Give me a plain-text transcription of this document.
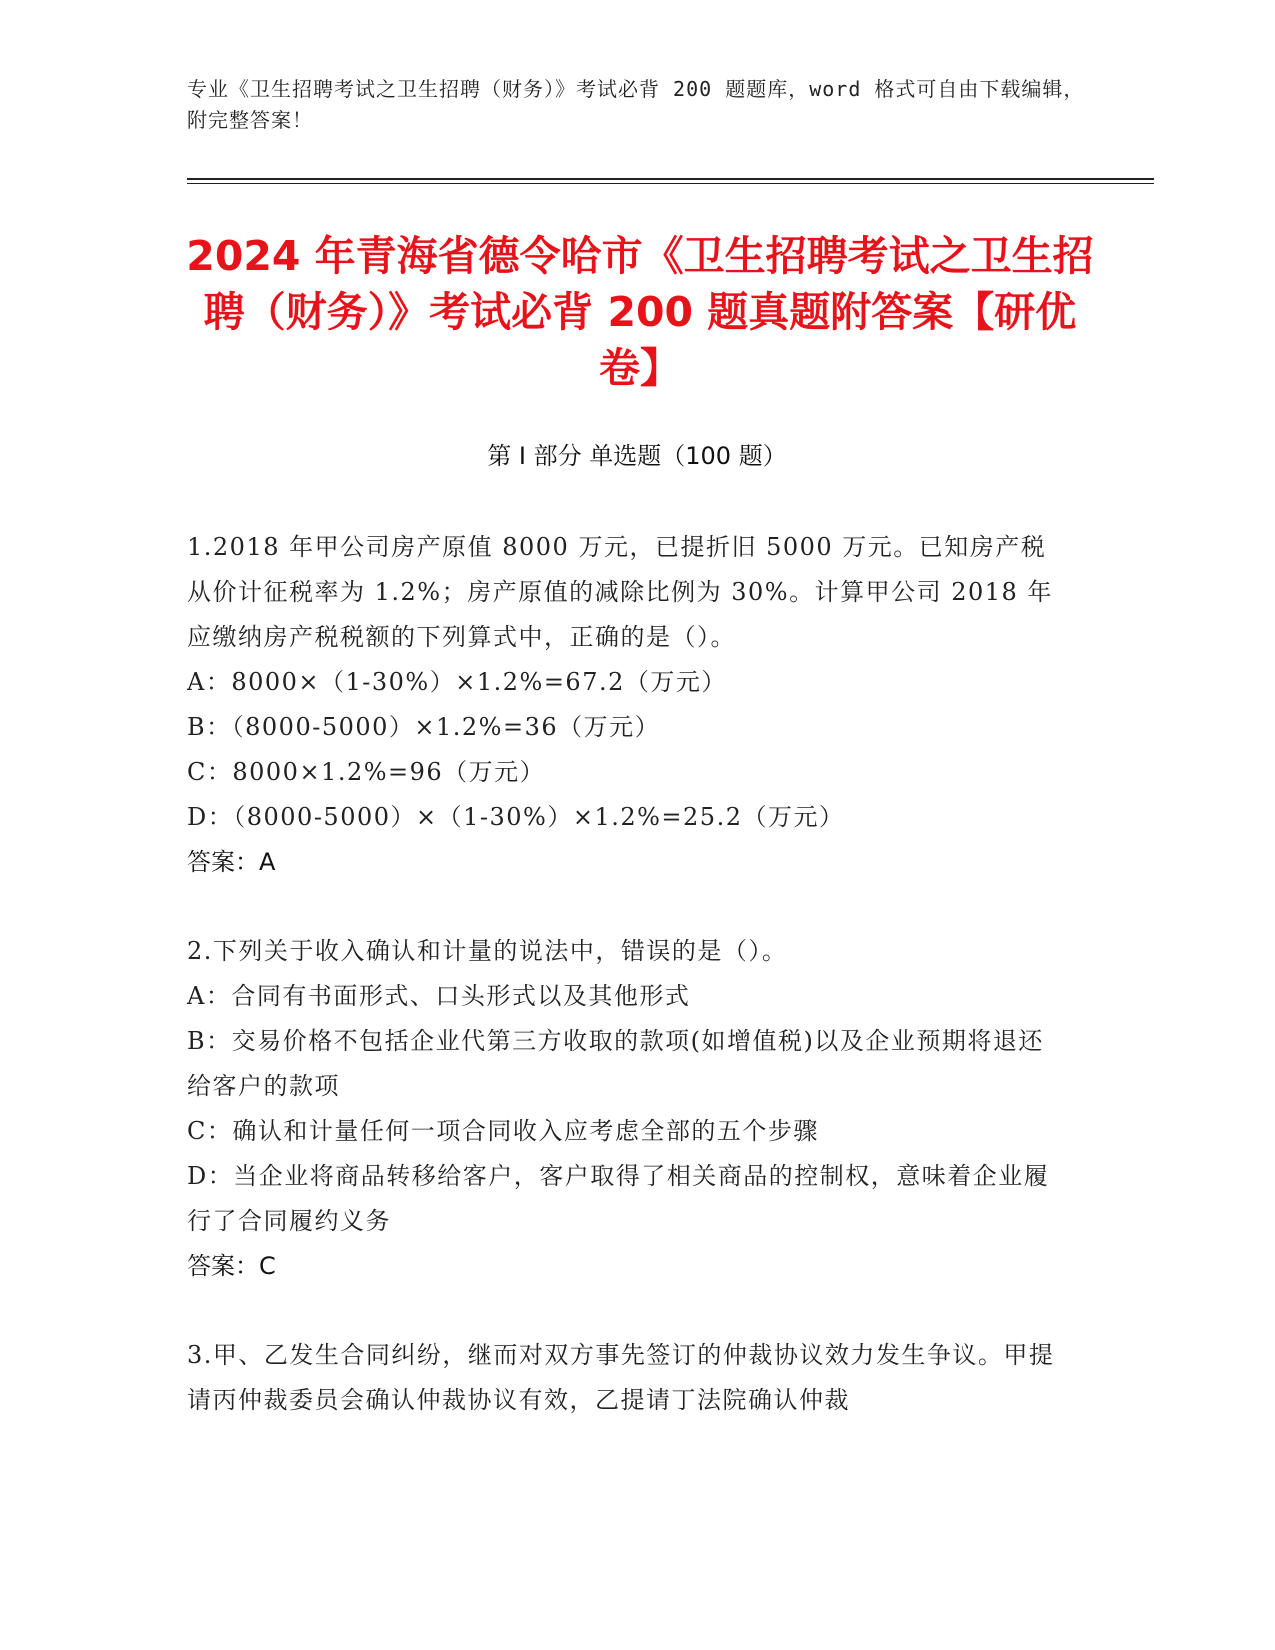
专业《卫生招聘考试之卫生招聘（财务）》考试必背 200 题题库，word 格式可自由下载编辑，附完整答案！
2024 年青海省德令哈市《卫生招聘考试之卫生招聘（财务）》考试必背 200 题真题附答案【研优卷】
第 I 部分 单选题（100 题）
1.2018 年甲公司房产原值 8000 万元，已提折旧 5000 万元。已知房产税从价计征税率为 1.2%；房产原值的减除比例为 30%。计算甲公司 2018 年应缴纳房产税税额的下列算式中，正确的是（）。
A：8000×（1-30%）×1.2%=67.2（万元）
B：（8000-5000）×1.2%=36（万元）
C：8000×1.2%=96（万元）
D：（8000-5000）×（1-30%）×1.2%=25.2（万元）
答案：A
2.下列关于收入确认和计量的说法中，错误的是（）。
A：合同有书面形式、口头形式以及其他形式
B：交易价格不包括企业代第三方收取的款项(如增值税)以及企业预期将退还给客户的款项
C：确认和计量任何一项合同收入应考虑全部的五个步骤
D：当企业将商品转移给客户，客户取得了相关商品的控制权，意味着企业履行了合同履约义务
答案：C
3.甲、乙发生合同纠纷，继而对双方事先签订的仲裁协议效力发生争议。甲提请丙仲裁委员会确认仲裁协议有效，乙提请丁法院确认仲裁
